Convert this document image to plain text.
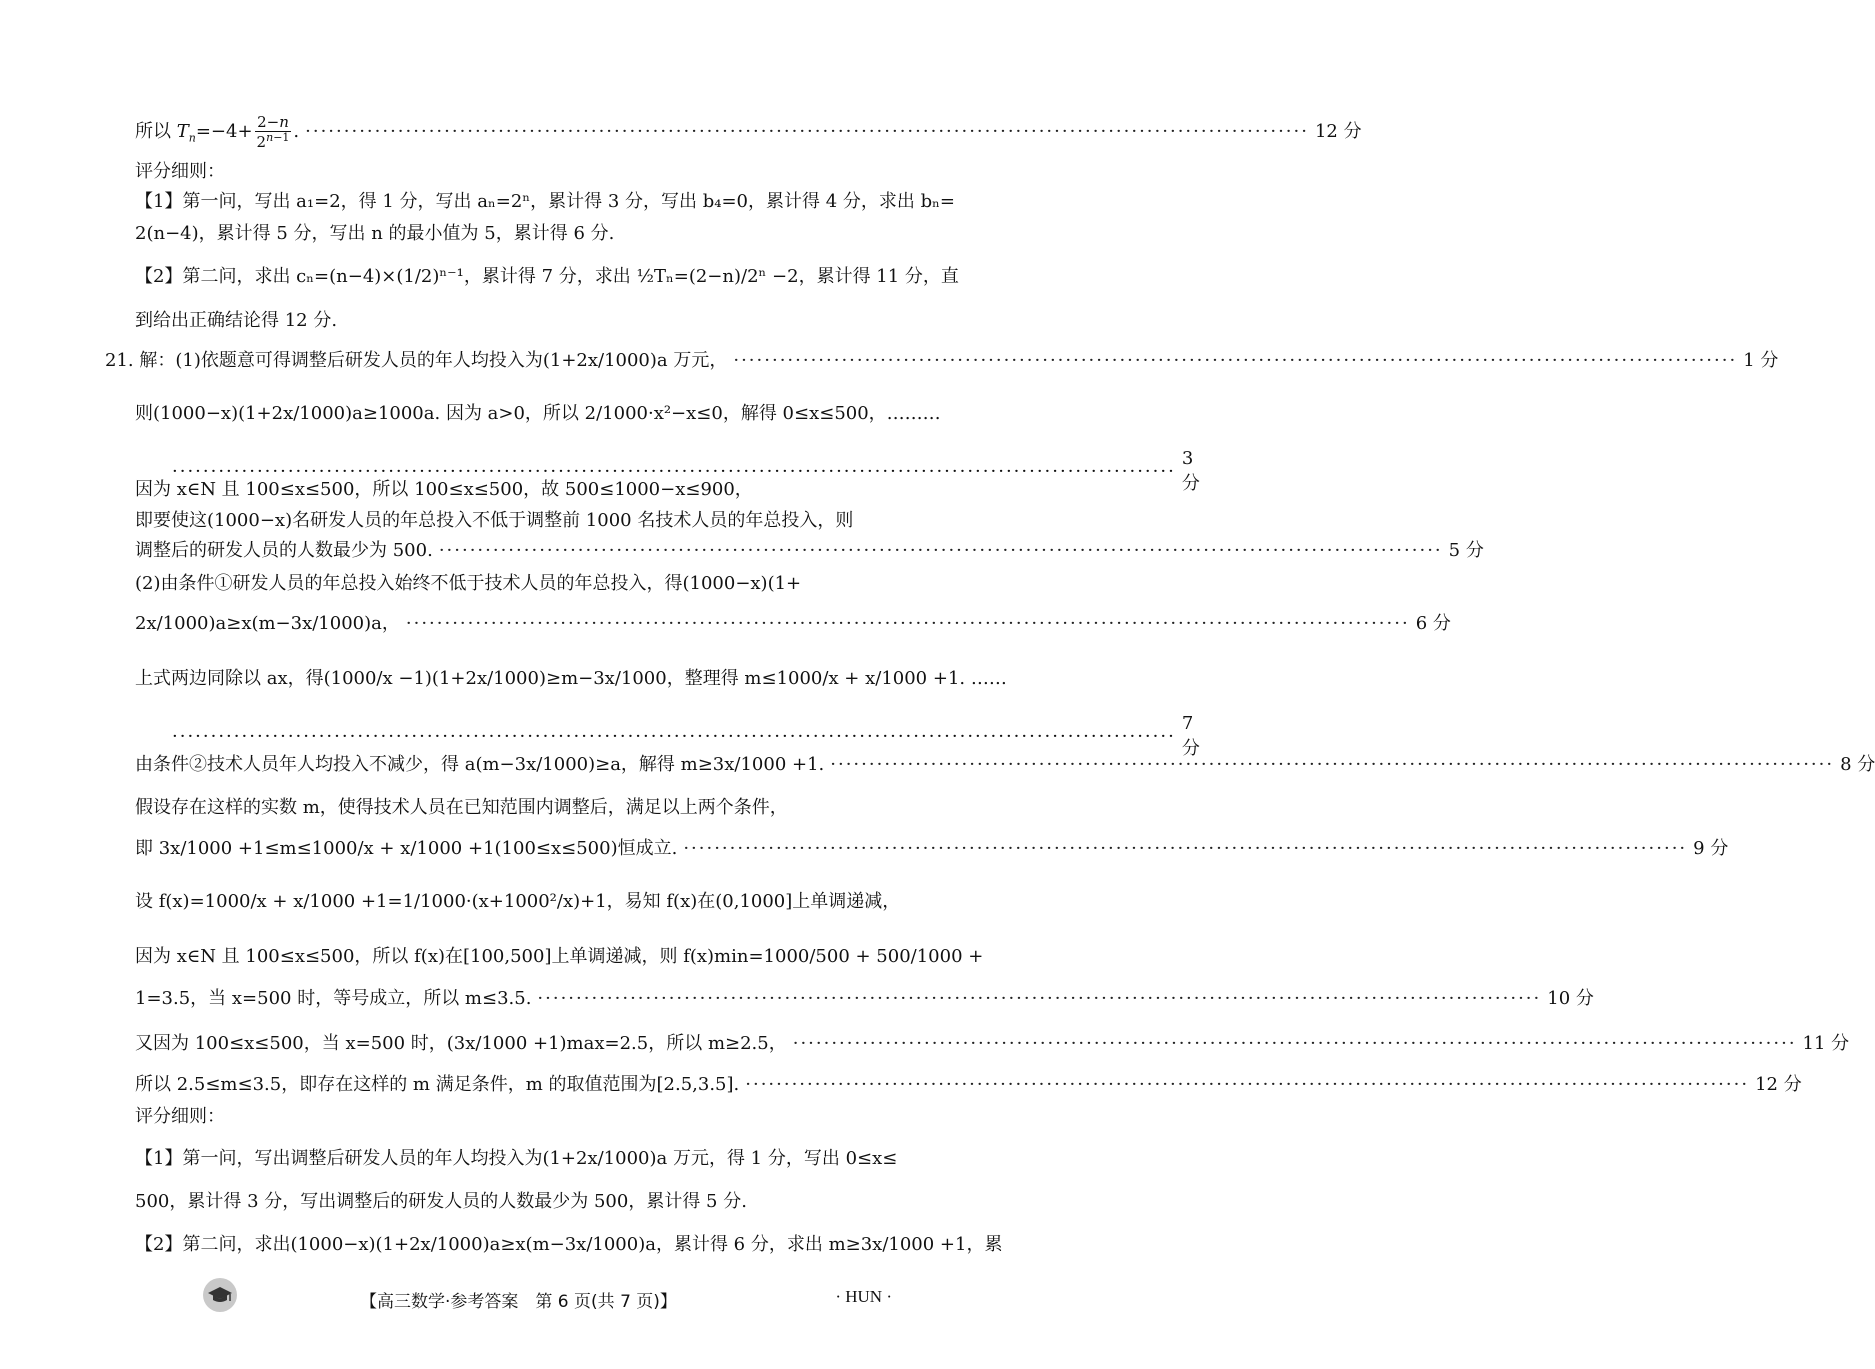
所以 $T_n=-4+ \frac{2-n}{2^{n-1}}$ . ·································································································································· 12 分
评分细则：
【1】第一问，写出 a₁=2，得 1 分，写出 aₙ=2ⁿ，累计得 3 分，写出 b₄=0，累计得 4 分，求出 bₙ=
2(n−4)，累计得 5 分，写出 n 的最小值为 5，累计得 6 分.
【2】第二问，求出 cₙ=(n−4)×(1/2)ⁿ⁻¹，累计得 7 分，求出 ½Tₙ=(2−n)/2ⁿ −2，累计得 11 分，直
到给出正确结论得 12 分.
21. 解：(1)依题意可得调整后研发人员的年人均投入为(1+2x/1000)a 万元， ·································································································································· 1 分
则(1000−x)(1+2x/1000)a≥1000a. 因为 a>0，所以 2/1000·x²−x≤0，解得 0≤x≤500，………
··································································································································
3 分
因为 x∈N 且 100≤x≤500，所以 100≤x≤500，故 500≤1000−x≤900，
即要使这(1000−x)名研发人员的年总投入不低于调整前 1000 名技术人员的年总投入，则
调整后的研发人员的人数最少为 500. ·································································································································· 5 分
(2)由条件①研发人员的年总投入始终不低于技术人员的年总投入，得(1000−x)(1+
2x/1000)a≥x(m−3x/1000)a， ·································································································································· 6 分
上式两边同除以 ax，得(1000/x −1)(1+2x/1000)≥m−3x/1000，整理得 m≤1000/x + x/1000 +1. ……
··································································································································
7 分
由条件②技术人员年人均投入不减少，得 a(m−3x/1000)≥a，解得 m≥3x/1000 +1. ·································································································································· 8 分
假设存在这样的实数 m，使得技术人员在已知范围内调整后，满足以上两个条件，
即 3x/1000 +1≤m≤1000/x + x/1000 +1(100≤x≤500)恒成立. ·································································································································· 9 分
设 f(x)=1000/x + x/1000 +1=1/1000·(x+1000²/x)+1，易知 f(x)在(0,1000]上单调递减，
因为 x∈N 且 100≤x≤500，所以 f(x)在[100,500]上单调递减，则 f(x)min=1000/500 + 500/1000 +
1=3.5，当 x=500 时，等号成立，所以 m≤3.5. ·································································································································· 10 分
又因为 100≤x≤500，当 x=500 时，(3x/1000 +1)max=2.5，所以 m≥2.5， ·································································································································· 11 分
所以 2.5≤m≤3.5，即存在这样的 m 满足条件，m 的取值范围为[2.5,3.5]. ·································································································································· 12 分
评分细则：
【1】第一问，写出调整后研发人员的年人均投入为(1+2x/1000)a 万元，得 1 分，写出 0≤x≤
500，累计得 3 分，写出调整后的研发人员的人数最少为 500，累计得 5 分.
【2】第二问，求出(1000−x)(1+2x/1000)a≥x(m−3x/1000)a，累计得 6 分，求出 m≥3x/1000 +1，累
【高三数学·参考答案　第 6 页(共 7 页)】	· HUN ·
